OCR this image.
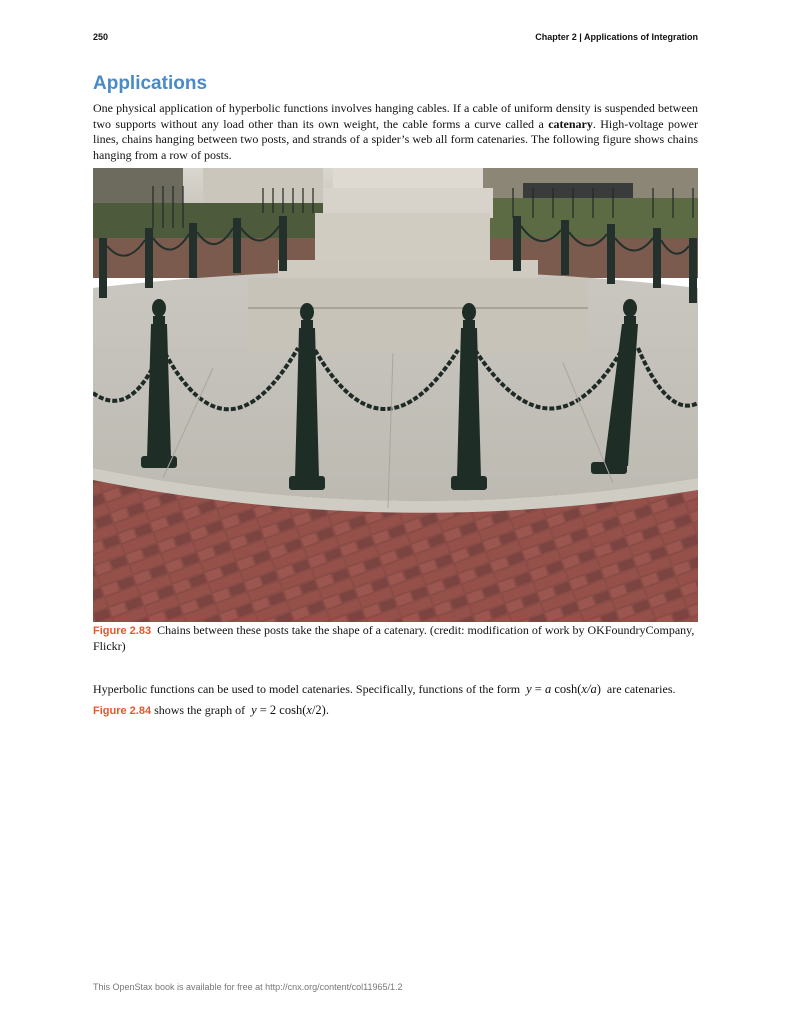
250	Chapter 2 | Applications of Integration
Applications

One physical application of hyperbolic functions involves hanging cables. If a cable of uniform density is suspended between two supports without any load other than its own weight, the cable forms a curve called a catenary. High-voltage power lines, chains hanging between two posts, and strands of a spider’s web all form catenaries. The following figure shows chains hanging from a row of posts.

Figure 2.83 Chains between these posts take the shape of a catenary. (credit: modification of work by OKFoundryCompany, Flickr)

Hyperbolic functions can be used to model catenaries. Specifically, functions of the form y = a cosh(x/a) are catenaries.
Figure 2.84 shows the graph of y = 2 cosh(x/2).

This OpenStax book is available for free at http://cnx.org/content/col11965/1.2
